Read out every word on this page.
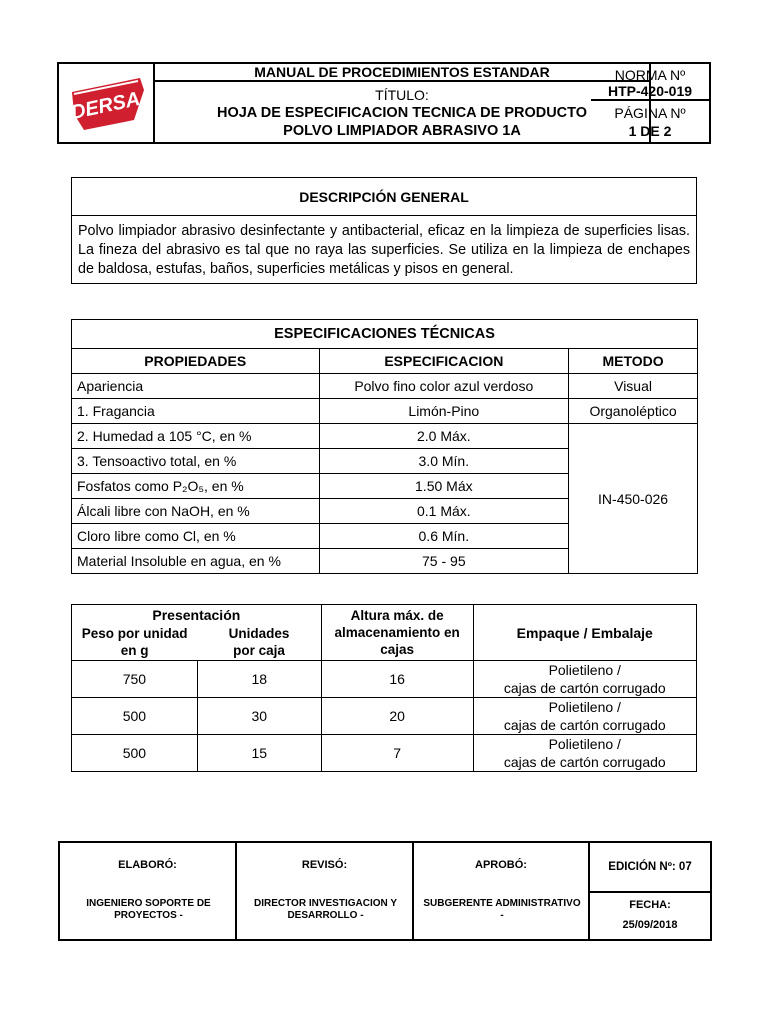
DERSA
MANUAL DE PROCEDIMIENTOS ESTANDAR
TÍTULO:
HOJA DE ESPECIFICACION TECNICA DE PRODUCTO
POLVO LIMPIADOR ABRASIVO 1A
NORMA Nº
HTP-420-019
PÁGINA Nº
1 DE 2
DESCRIPCIÓN GENERAL
Polvo limpiador abrasivo desinfectante y antibacterial, eficaz en la limpieza de superficies lisas. La fineza del abrasivo es tal que no raya las superficies. Se utiliza en la limpieza de enchapes de baldosa, estufas, baños, superficies metálicas y pisos en general.
ESPECIFICACIONES TÉCNICAS		
PROPIEDADES	ESPECIFICACION	METODO
Apariencia	Polvo fino color azul verdoso	Visual
1. Fragancia	Limón-Pino	Organoléptico
2. Humedad a 105 °C, en %	2.0 Máx.	IN-450-026
3. Tensoactivo total, en %	3.0 Mín.	
Fosfatos como P₂O₅, en %	1.50 Máx	
Álcali libre con NaOH, en %	0.1 Máx.	
Cloro libre como Cl, en %	0.6 Mín.	
Material Insoluble en agua, en %	75 - 95	
Presentación		Altura máx. de almacenamiento en cajas	Empaque / Embalaje
Peso por unidad en g	Unidades por caja		
750	18	16	Polietileno /
cajas de cartón corrugado

500	30	20	Polietileno /
cajas de cartón corrugado

500	15	7	Polietileno /
cajas de cartón corrugado
ELABORÓ:
INGENIERO SOPORTE DE PROYECTOS -
REVISÓ:
DIRECTOR INVESTIGACION Y DESARROLLO -
APROBÓ:
SUBGERENTE ADMINISTRATIVO -
EDICIÓN Nº: 07
FECHA:
25/09/2018
